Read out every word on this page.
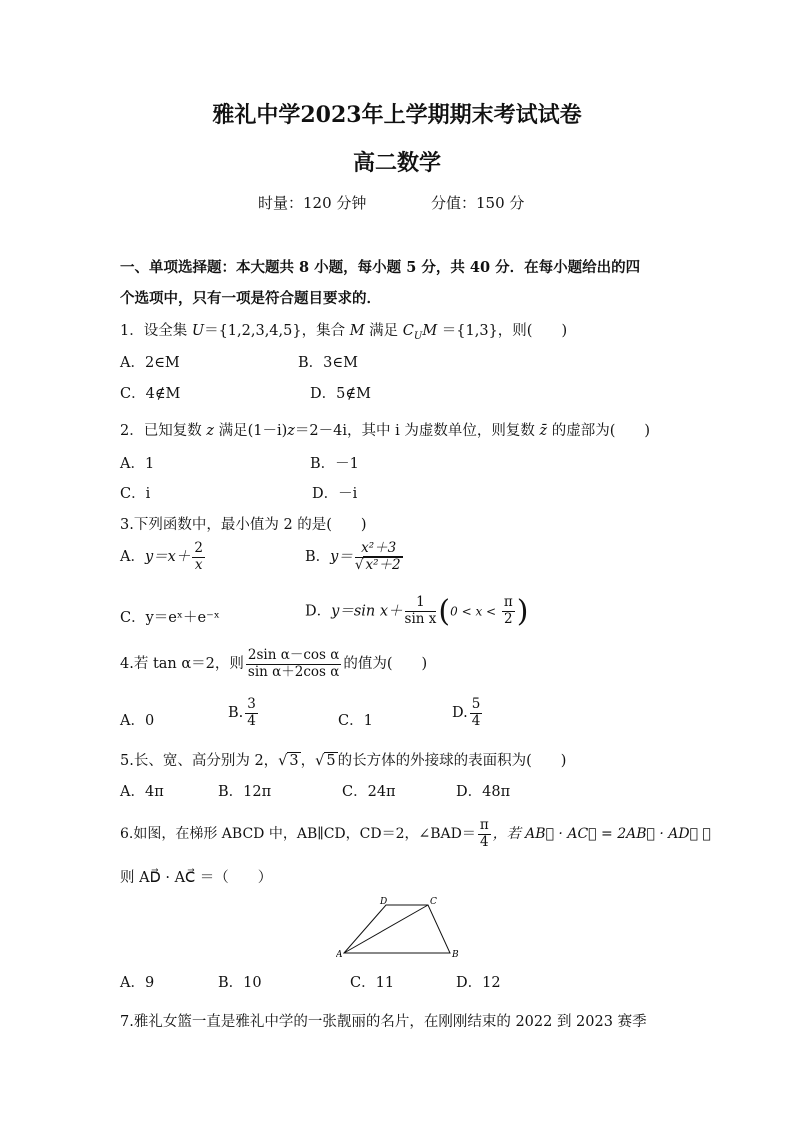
雅礼中学2023年上学期期末考试试卷
高二数学
时量：120 分钟	分值：150 分
一、单项选择题：本大题共 8 小题，每小题 5 分，共 40 分．在每小题给出的四
个选项中，只有一项是符合题目要求的．
1．设全集 U＝{1,2,3,4,5}，集合 M 满足 $C_UM =\{1,3\}$，则(　　)
A．2∈M	B．3∈M
C．4∉M	D．5∉M
2．已知复数 z 满足(1－i)z＝2－4i，其中 i 为虚数单位，则复数 z̄ 的虚部为(　　)
A．1	B．－1
C．i	D．－i
3.下列函数中，最小值为 2 的是(　　)
A．$y=x+ \frac{2}{x}$	B．$y= \frac{\text{x²＋3}}{\text{√ x²＋2}}$
C．y＝eˣ＋e⁻ˣ	D．y＝sin $x+ \frac{1}{\text{sin x}} (0 < x < \frac{\pi}{2}$ )
4.若 tan α＝2，则 $\frac{\text{2sin α－cos α}}{\text{sin α＋2cos α}}$ 的值为(　　)
A．0	B. $\frac{3}{4}$	C．1	D. $\frac{5}{4}$
5.长、宽、高分别为 2，√ 3 ，√ 5 的长方体的外接球的表面积为(　　)
A．4π	B．12π	C．24π	D．48π
6.如图，在梯形 ABCD 中，AB∥CD，CD＝2，∠BAD＝ $\frac{\pi}{4}$ ，若 AB⃗ · AC⃗ = 2AB⃗ · AD⃗ ，
则 AD⃗ · AC⃗ ＝（　　）
A	B
C
D
A．9	B．10	C．11	D．12
7.雅礼女篮一直是雅礼中学的一张靓丽的名片，在刚刚结束的 2022 到 2023 赛季
